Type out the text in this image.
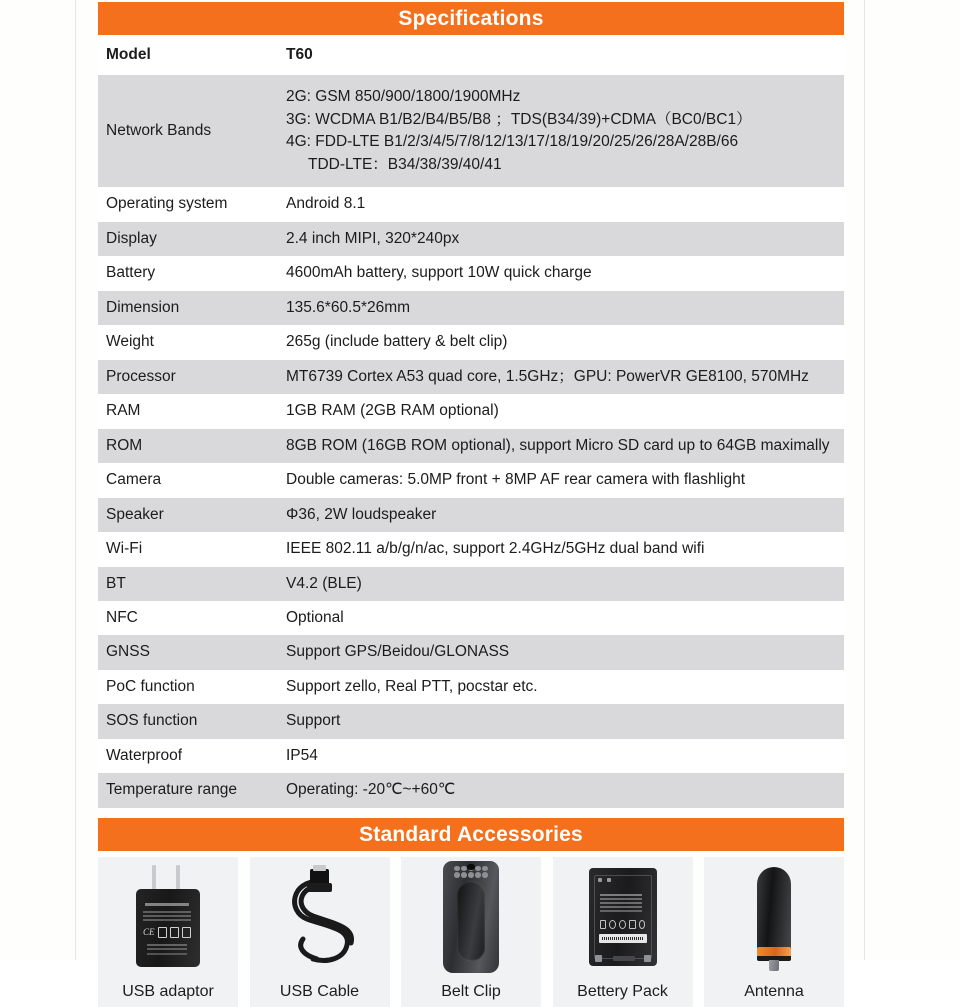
Specifications
Model	T60
Network Bands	2G: GSM 850/900/1800/1900MHz
3G: WCDMA B1/B2/B4/B5/B8 ；TDS(B34/39)+CDMA（BC0/BC1）
4G: FDD-LTE B1/2/3/4/5/7/8/12/13/17/18/19/20/25/26/28A/28B/66
TDD-LTE：B34/38/39/40/41

Operating system	Android 8.1
Display	2.4 inch MIPI, 320*240px
Battery	4600mAh battery, support 10W quick charge
Dimension	135.6*60.5*26mm
Weight	265g (include battery & belt clip)
Processor	MT6739 Cortex A53 quad core, 1.5GHz；GPU: PowerVR GE8100, 570MHz
RAM	1GB RAM (2GB RAM optional)
ROM	8GB ROM (16GB ROM optional), support Micro SD card up to 64GB maximally
Camera	Double cameras: 5.0MP front + 8MP AF rear camera with flashlight
Speaker	Φ36, 2W loudspeaker
Wi-Fi	IEEE 802.11 a/b/g/n/ac, support 2.4GHz/5GHz dual band wifi
BT	V4.2 (BLE)
NFC	Optional
GNSS	Support GPS/Beidou/GLONASS
PoC function	Support zello, Real PTT, pocstar etc.
SOS function	Support
Waterproof	IP54
Temperature range	Operating: -20℃~+60℃
Standard Accessories
CE
USB adaptor	USB Cable	Belt Clip	Bettery Pack	Antenna
